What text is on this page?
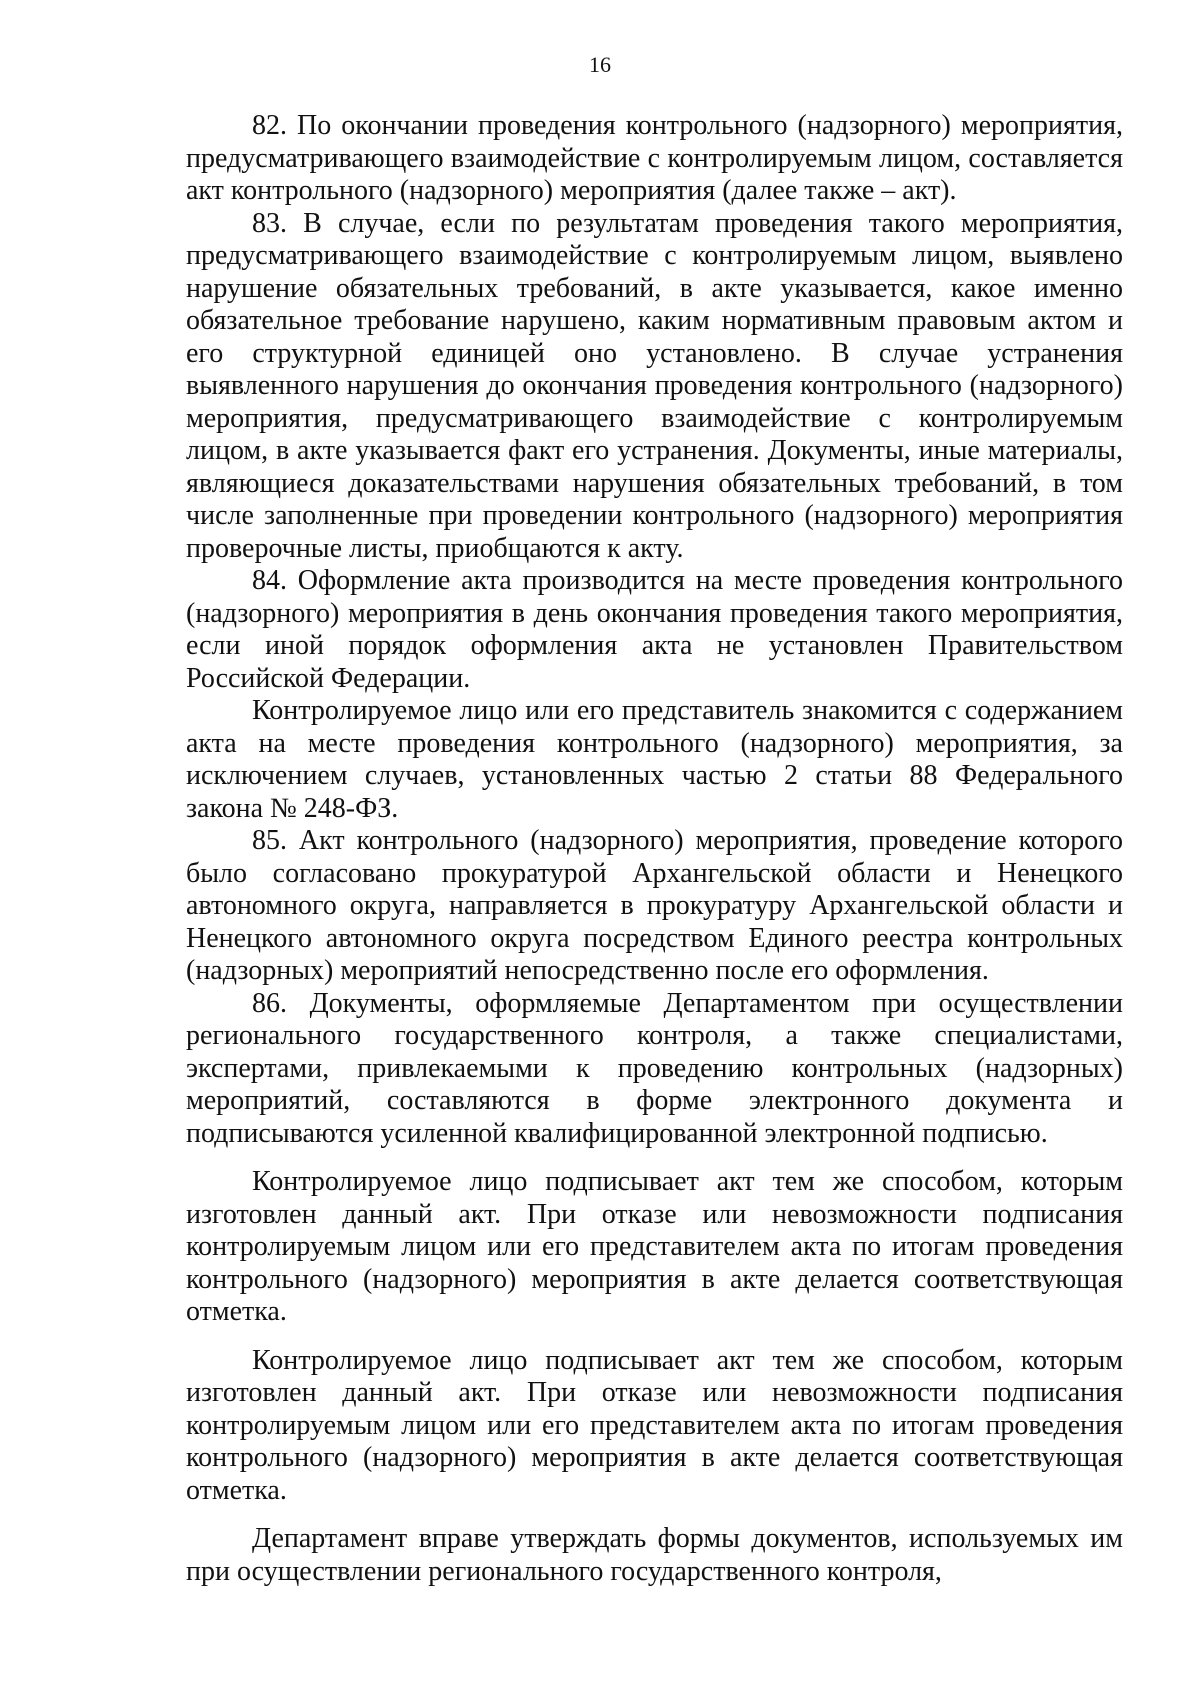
16

82. По окончании проведения контрольного (надзорного) мероприятия, предусматривающего взаимодействие с контролируемым лицом, составляется акт контрольного (надзорного) мероприятия (далее также – акт).

83. В случае, если по результатам проведения такого мероприятия, предусматривающего взаимодействие с контролируемым лицом, выявлено нарушение обязательных требований, в акте указывается, какое именно обязательное требование нарушено, каким нормативным правовым актом и его структурной единицей оно установлено. В случае устранения выявленного нарушения до окончания проведения контрольного (надзорного) мероприятия, предусматривающего взаимодействие с контролируемым лицом, в акте указывается факт его устранения. Документы, иные материалы, являющиеся доказательствами нарушения обязательных требований, в том числе заполненные при проведении контрольного (надзорного) мероприятия проверочные листы, приобщаются к акту.

84. Оформление акта производится на месте проведения контрольного (надзорного) мероприятия в день окончания проведения такого мероприятия, если иной порядок оформления акта не установлен Правительством Российской Федерации.

Контролируемое лицо или его представитель знакомится с содержанием акта на месте проведения контрольного (надзорного) мероприятия, за исключением случаев, установленных частью 2 статьи 88 Федерального закона № 248-ФЗ.

85. Акт контрольного (надзорного) мероприятия, проведение которого было согласовано прокуратурой Архангельской области и Ненецкого автономного округа, направляется в прокуратуру Архангельской области и Ненецкого автономного округа посредством Единого реестра контрольных (надзорных) мероприятий непосредственно после его оформления.

86. Документы, оформляемые Департаментом при осуществлении регионального государственного контроля, а также специалистами, экспертами, привлекаемыми к проведению контрольных (надзорных) мероприятий, составляются в форме электронного документа и подписываются усиленной квалифицированной электронной подписью.

Контролируемое лицо подписывает акт тем же способом, которым изготовлен данный акт. При отказе или невозможности подписания контролируемым лицом или его представителем акта по итогам проведения контрольного (надзорного) мероприятия в акте делается соответствующая отметка.

Контролируемое лицо подписывает акт тем же способом, которым изготовлен данный акт. При отказе или невозможности подписания контролируемым лицом или его представителем акта по итогам проведения контрольного (надзорного) мероприятия в акте делается соответствующая отметка.

Департамент вправе утверждать формы документов, используемых им при осуществлении регионального государственного контроля,
